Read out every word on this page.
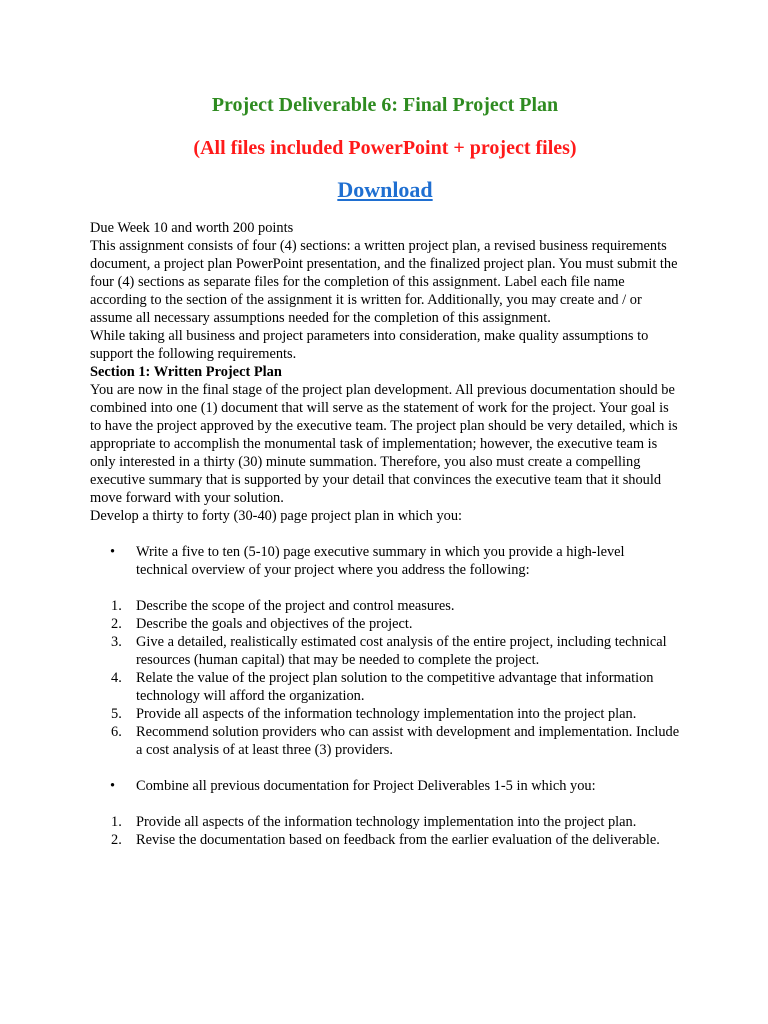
Project Deliverable 6: Final Project Plan
(All files included PowerPoint + project files)
Download

Due Week 10 and worth 200 points

This assignment consists of four (4) sections: a written project plan, a revised business requirements document, a project plan PowerPoint presentation, and the finalized project plan. You must submit the four (4) sections as separate files for the completion of this assignment. Label each file name according to the section of the assignment it is written for. Additionally, you may create and / or assume all necessary assumptions needed for the completion of this assignment.

While taking all business and project parameters into consideration, make quality assumptions to support the following requirements.

Section 1: Written Project Plan

You are now in the final stage of the project plan development. All previous documentation should be combined into one (1) document that will serve as the statement of work for the project. Your goal is to have the project approved by the executive team. The project plan should be very detailed, which is appropriate to accomplish the monumental task of implementation; however, the executive team is only interested in a thirty (30) minute summation. Therefore, you also must create a compelling executive summary that is supported by your detail that convinces the executive team that it should move forward with your solution.

Develop a thirty to forty (30-40) page project plan in which you:

• Write a five to ten (5-10) page executive summary in which you provide a high-level technical overview of your project where you address the following:

1. Describe the scope of the project and control measures.
2. Describe the goals and objectives of the project.
3. Give a detailed, realistically estimated cost analysis of the entire project, including technical resources (human capital) that may be needed to complete the project.
4. Relate the value of the project plan solution to the competitive advantage that information technology will afford the organization.
5. Provide all aspects of the information technology implementation into the project plan.
6. Recommend solution providers who can assist with development and implementation. Include a cost analysis of at least three (3) providers.

• Combine all previous documentation for Project Deliverables 1-5 in which you:

1. Provide all aspects of the information technology implementation into the project plan.
2. Revise the documentation based on feedback from the earlier evaluation of the deliverable.
